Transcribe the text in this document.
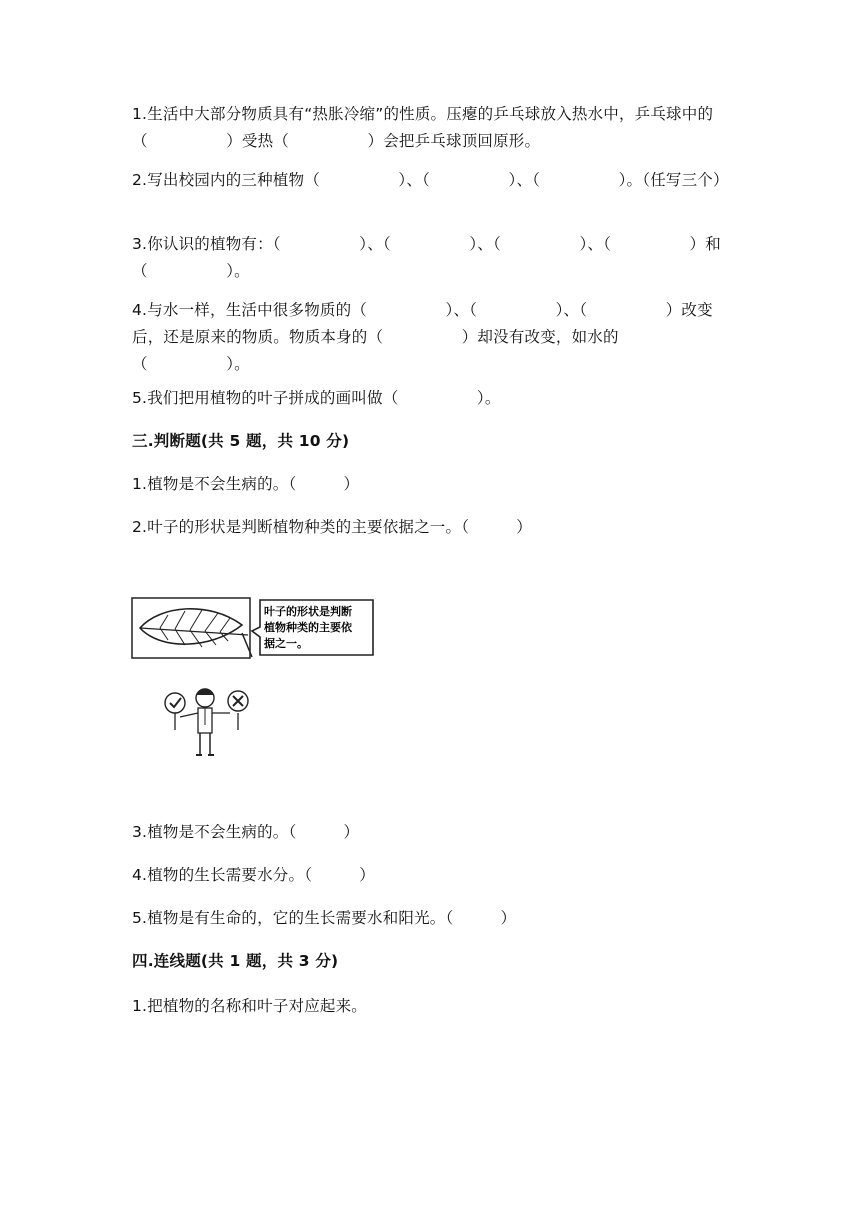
1.生活中大部分物质具有“热胀冷缩”的性质。压瘪的乒乓球放入热水中，乒乓球中的（　　　　　）受热（　　　　　）会把乒乓球顶回原形。
2.写出校园内的三种植物（　　　　　）、（　　　　　）、（　　　　　）。（任写三个）
3.你认识的植物有：（　　　　　）、（　　　　　）、（　　　　　）、（　　　　　）和（　　　　　）。
4.与水一样，生活中很多物质的（　　　　　）、（　　　　　）、（　　　　　）改变后，还是原来的物质。物质本身的（　　　　　）却没有改变，如水的（　　　　　）。
5.我们把用植物的叶子拼成的画叫做（　　　　　）。
三.判断题(共 5 题，共 10 分)
1.植物是不会生病的。（　　　）
2.叶子的形状是判断植物种类的主要依据之一。（　　　）
叶子的形状是判断
植物种类的主要依
据之一。
3.植物是不会生病的。（　　　）
4.植物的生长需要水分。（　　　）
5.植物是有生命的，它的生长需要水和阳光。（　　　）
四.连线题(共 1 题，共 3 分)
1.把植物的名称和叶子对应起来。
